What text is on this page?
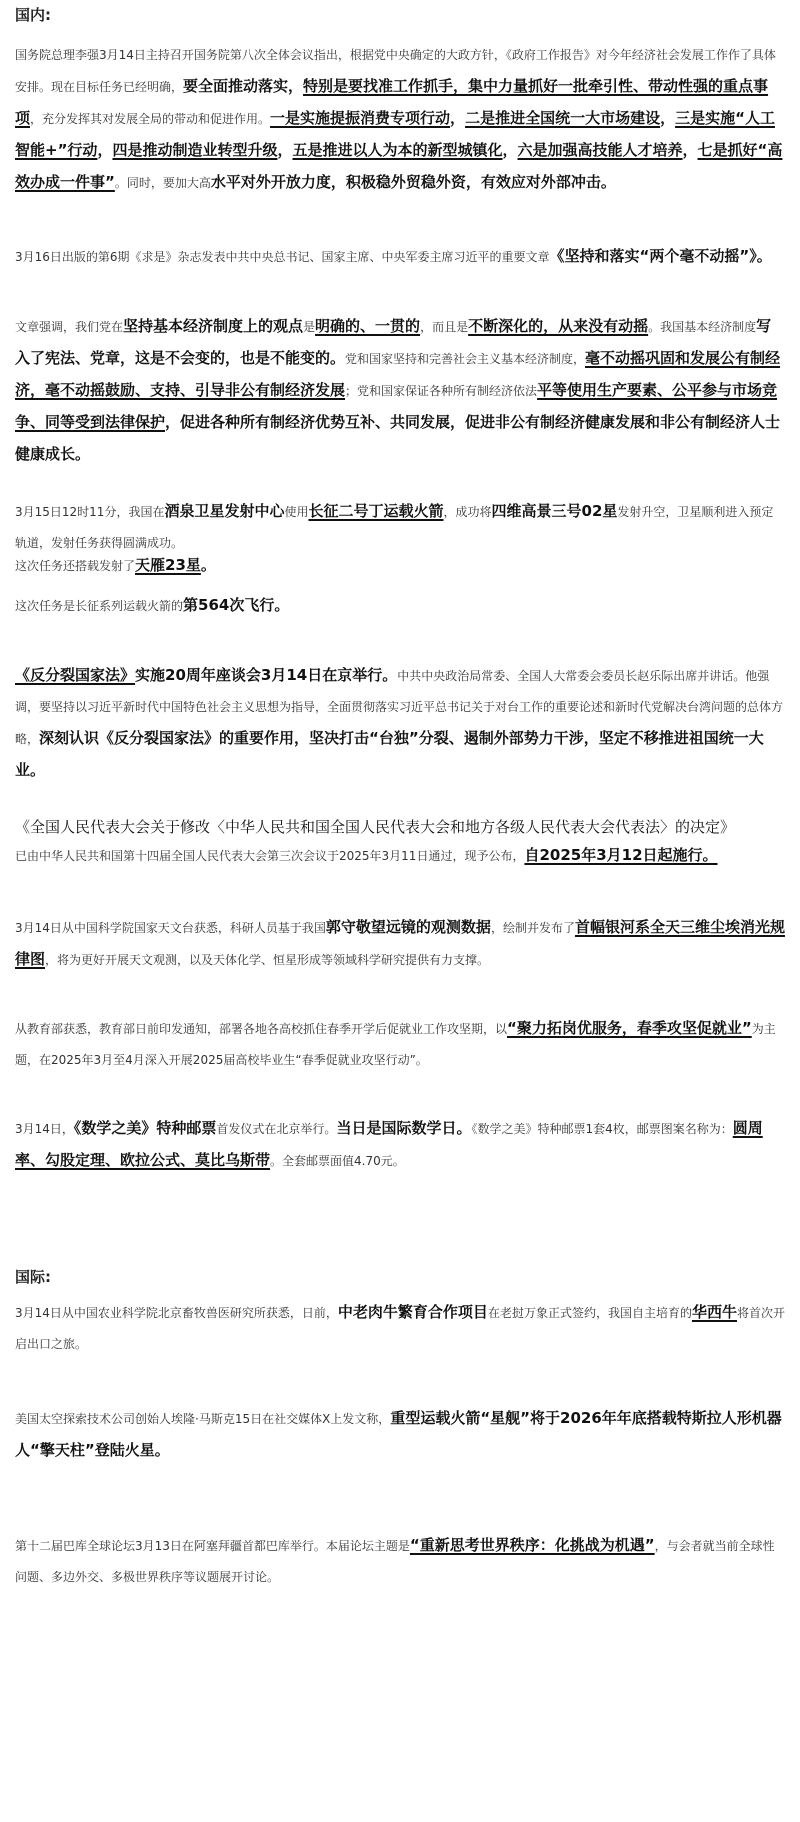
国内:

国务院总理李强3月14日主持召开国务院第八次全体会议指出，根据党中央确定的大政方针，《政府工作报告》对今年经济社会发展工作作了具体安排。现在目标任务已经明确，要全面推动落实，特别是要找准工作抓手，集中力量抓好一批牵引性、带动性强的重点事项，充分发挥其对发展全局的带动和促进作用。一是实施提振消费专项行动，二是推进全国统一大市场建设，三是实施“人工智能+”行动，四是推动制造业转型升级，五是推进以人为本的新型城镇化，六是加强高技能人才培养，七是抓好“高效办成一件事”。同时，要加大高水平对外开放力度，积极稳外贸稳外资，有效应对外部冲击。

3月16日出版的第6期《求是》杂志发表中共中央总书记、国家主席、中央军委主席习近平的重要文章《坚持和落实“两个毫不动摇”》。

文章强调，我们党在坚持基本经济制度上的观点是明确的、一贯的，而且是不断深化的，从来没有动摇。我国基本经济制度写入了宪法、党章，这是不会变的，也是不能变的。党和国家坚持和完善社会主义基本经济制度，毫不动摇巩固和发展公有制经济，毫不动摇鼓励、支持、引导非公有制经济发展；党和国家保证各种所有制经济依法平等使用生产要素、公平参与市场竞争、同等受到法律保护，促进各种所有制经济优势互补、共同发展，促进非公有制经济健康发展和非公有制经济人士健康成长。

3月15日12时11分，我国在酒泉卫星发射中心使用长征二号丁运载火箭，成功将四维高景三号02星发射升空，卫星顺利进入预定轨道，发射任务获得圆满成功。

这次任务还搭载发射了天雁23星。

这次任务是长征系列运载火箭的第564次飞行。

《反分裂国家法》实施20周年座谈会3月14日在京举行。中共中央政治局常委、全国人大常委会委员长赵乐际出席并讲话。他强调，要坚持以习近平新时代中国特色社会主义思想为指导，全面贯彻落实习近平总书记关于对台工作的重要论述和新时代党解决台湾问题的总体方略，深刻认识《反分裂国家法》的重要作用，坚决打击“台独”分裂、遏制外部势力干涉，坚定不移推进祖国统一大业。

《全国人民代表大会关于修改〈中华人民共和国全国人民代表大会和地方各级人民代表大会代表法〉的决定》

已由中华人民共和国第十四届全国人民代表大会第三次会议于2025年3月11日通过，现予公布，自2025年3月12日起施行。

3月14日从中国科学院国家天文台获悉，科研人员基于我国郭守敬望远镜的观测数据，绘制并发布了首幅银河系全天三维尘埃消光规律图，将为更好开展天文观测，以及天体化学、恒星形成等领域科学研究提供有力支撑。

从教育部获悉，教育部日前印发通知，部署各地各高校抓住春季开学后促就业工作攻坚期，以“聚力拓岗优服务，春季攻坚促就业”为主题，在2025年3月至4月深入开展2025届高校毕业生“春季促就业攻坚行动”。

3月14日，《数学之美》特种邮票首发仪式在北京举行。当日是国际数学日。《数学之美》特种邮票1套4枚，邮票图案名称为：圆周率、勾股定理、欧拉公式、莫比乌斯带。全套邮票面值4.70元。

国际:

3月14日从中国农业科学院北京畜牧兽医研究所获悉，日前，中老肉牛繁育合作项目在老挝万象正式签约，我国自主培育的华西牛将首次开启出口之旅。

美国太空探索技术公司创始人埃隆·马斯克15日在社交媒体X上发文称，重型运载火箭“星舰”将于2026年年底搭载特斯拉人形机器人“擎天柱”登陆火星。

第十二届巴库全球论坛3月13日在阿塞拜疆首都巴库举行。本届论坛主题是“重新思考世界秩序：化挑战为机遇”，与会者就当前全球性问题、多边外交、多极世界秩序等议题展开讨论。
